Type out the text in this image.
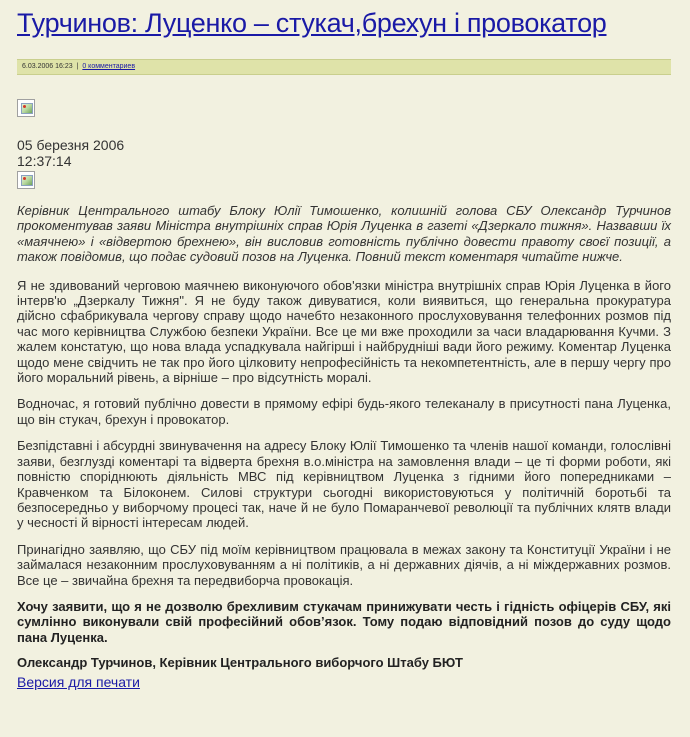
Турчинов: Луценко – стукач,брехун і провокатор
6.03.2006 16:23 | 0 комментариев
05 березня 2006
12:37:14

Керівник Центрального штабу Блоку Юлії Тимошенко, колишній голова СБУ Олександр Турчинов прокоментував заяви Міністра внутрішніх справ Юрія Луценка в газеті «Дзеркало тижня». Назвавши їх «маячнею» і «відвертою брехнею», він висловив готовність публічно довести правоту своєї позиції, а також повідомив, що подає судовий позов на Луценка. Повний текст коментаря читайте нижче.

Я не здивований черговою маячнею виконуючого обов'язки міністра внутрішніх справ Юрія Луценка в його інтерв'ю „Дзеркалу Тижня". Я не буду також дивуватися, коли виявиться, що генеральна прокуратура дійсно сфабрикувала чергову справу щодо начебто незаконного прослуховування телефонних розмов під час мого керівництва Службою безпеки України. Все це ми вже проходили за часи владарювання Кучми. З жалем констатую, що нова влада успадкувала найгірші і найбрудніші вади його режиму. Коментар Луценка щодо мене свідчить не так про його цілковиту непрофесійність та некомпетентність, але в першу чергу про його моральний рівень, а вірніше – про відсутність моралі.

Водночас, я готовий публічно довести в прямому ефірі будь-якого телеканалу в присутності пана Луценка, що він стукач, брехун і провокатор.

Безпідставні і абсурдні звинувачення на адресу Блоку Юлії Тимошенко та членів нашої команди, голослівні заяви, безглузді коментарі та відверта брехня в.о.міністра на замовлення влади – це ті форми роботи, які повністю споріднюють діяльність МВС під керівництвом Луценка з гідними його попередниками – Кравченком та Білоконем. Силові структури сьогодні використовуються у політичній боротьбі та безпосередньо у виборчому процесі так, наче й не було Помаранчевої революції та публічних клятв влади у чесності й вірності інтересам людей.

Принагідно заявляю, що СБУ під моїм керівництвом працювала в межах закону та Конституції України і не займалася незаконним прослуховуванням а ні політиків, а ні державних діячів, а ні міждержавних розмов. Все це – звичайна брехня та передвиборча провокація.

Хочу заявити, що я не дозволю брехливим стукачам принижувати честь і гідність офіцерів СБУ, які сумлінно виконували свій професійний обов’язок. Тому подаю відповідний позов до суду щодо пана Луценка.

Олександр Турчинов, Керівник Центрального виборчого Штабу БЮТ

Версия для печати
